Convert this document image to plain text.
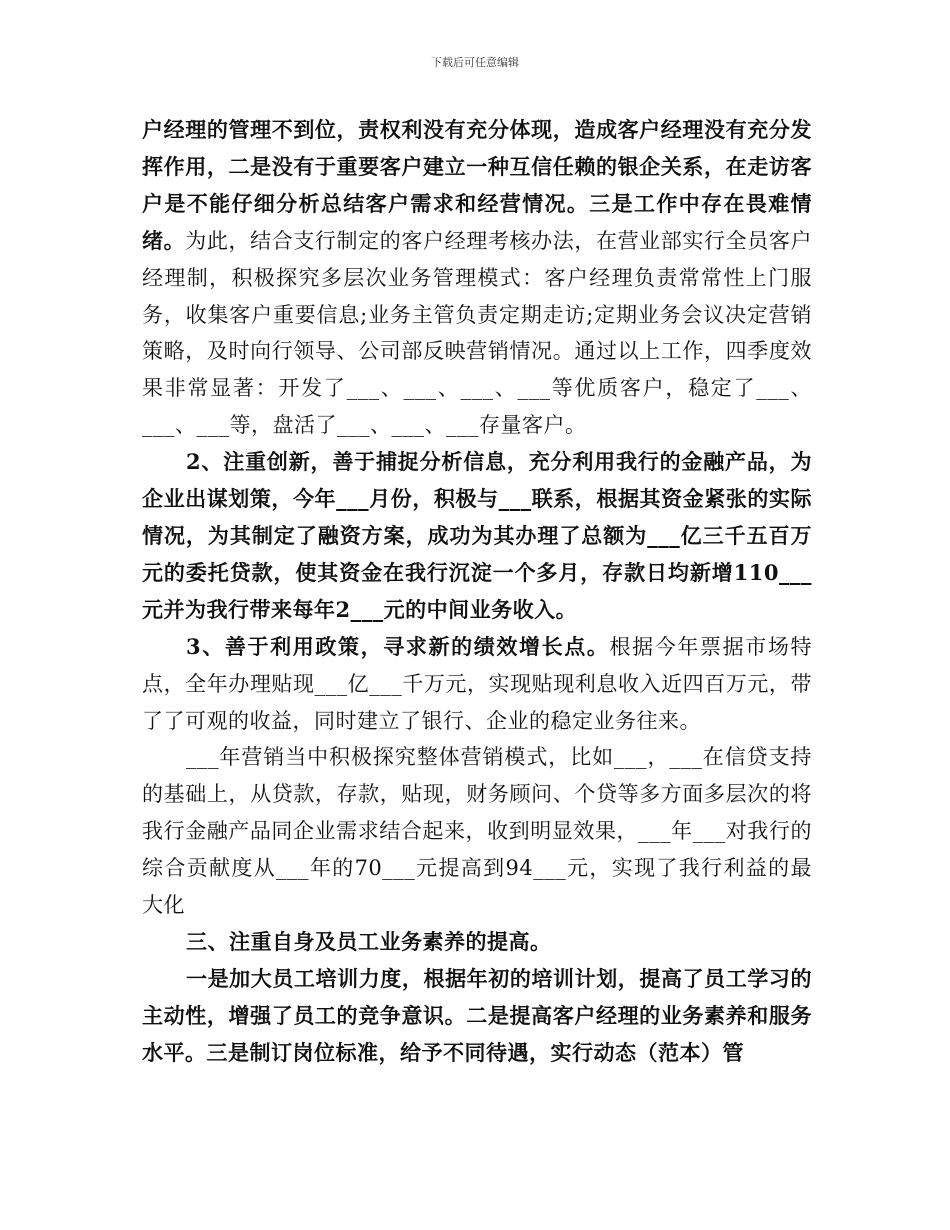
下载后可任意编辑

户经理的管理不到位，责权利没有充分体现，造成客户经理没有充分发挥作用，二是没有于重要客户建立一种互信任赖的银企关系，在走访客户是不能仔细分析总结客户需求和经营情况。三是工作中存在畏难情绪。为此，结合支行制定的客户经理考核办法，在营业部实行全员客户经理制，积极探究多层次业务管理模式：客户经理负责常常性上门服务，收集客户重要信息;业务主管负责定期走访;定期业务会议决定营销策略，及时向行领导、公司部反映营销情况。通过以上工作，四季度效果非常显著：开发了___、___、___、___等优质客户，稳定了___、___、___等，盘活了___、___、___存量客户。

2、注重创新，善于捕捉分析信息，充分利用我行的金融产品，为企业出谋划策，今年___月份，积极与___联系，根据其资金紧张的实际情况，为其制定了融资方案，成功为其办理了总额为___亿三千五百万元的委托贷款，使其资金在我行沉淀一个多月，存款日均新增110___元并为我行带来每年2___元的中间业务收入。

3、善于利用政策，寻求新的绩效增长点。根据今年票据市场特点，全年办理贴现___亿___千万元，实现贴现利息收入近四百万元，带了了可观的收益，同时建立了银行、企业的稳定业务往来。

___年营销当中积极探究整体营销模式，比如___，___在信贷支持的基础上，从贷款，存款，贴现，财务顾问、个贷等多方面多层次的将我行金融产品同企业需求结合起来，收到明显效果，___年___对我行的综合贡献度从___年的70___元提高到94___元，实现了我行利益的最大化

三、注重自身及员工业务素养的提高。

一是加大员工培训力度，根据年初的培训计划，提高了员工学习的主动性，增强了员工的竞争意识。二是提高客户经理的业务素养和服务水平。三是制订岗位标准，给予不同待遇，实行动态（范本）管
